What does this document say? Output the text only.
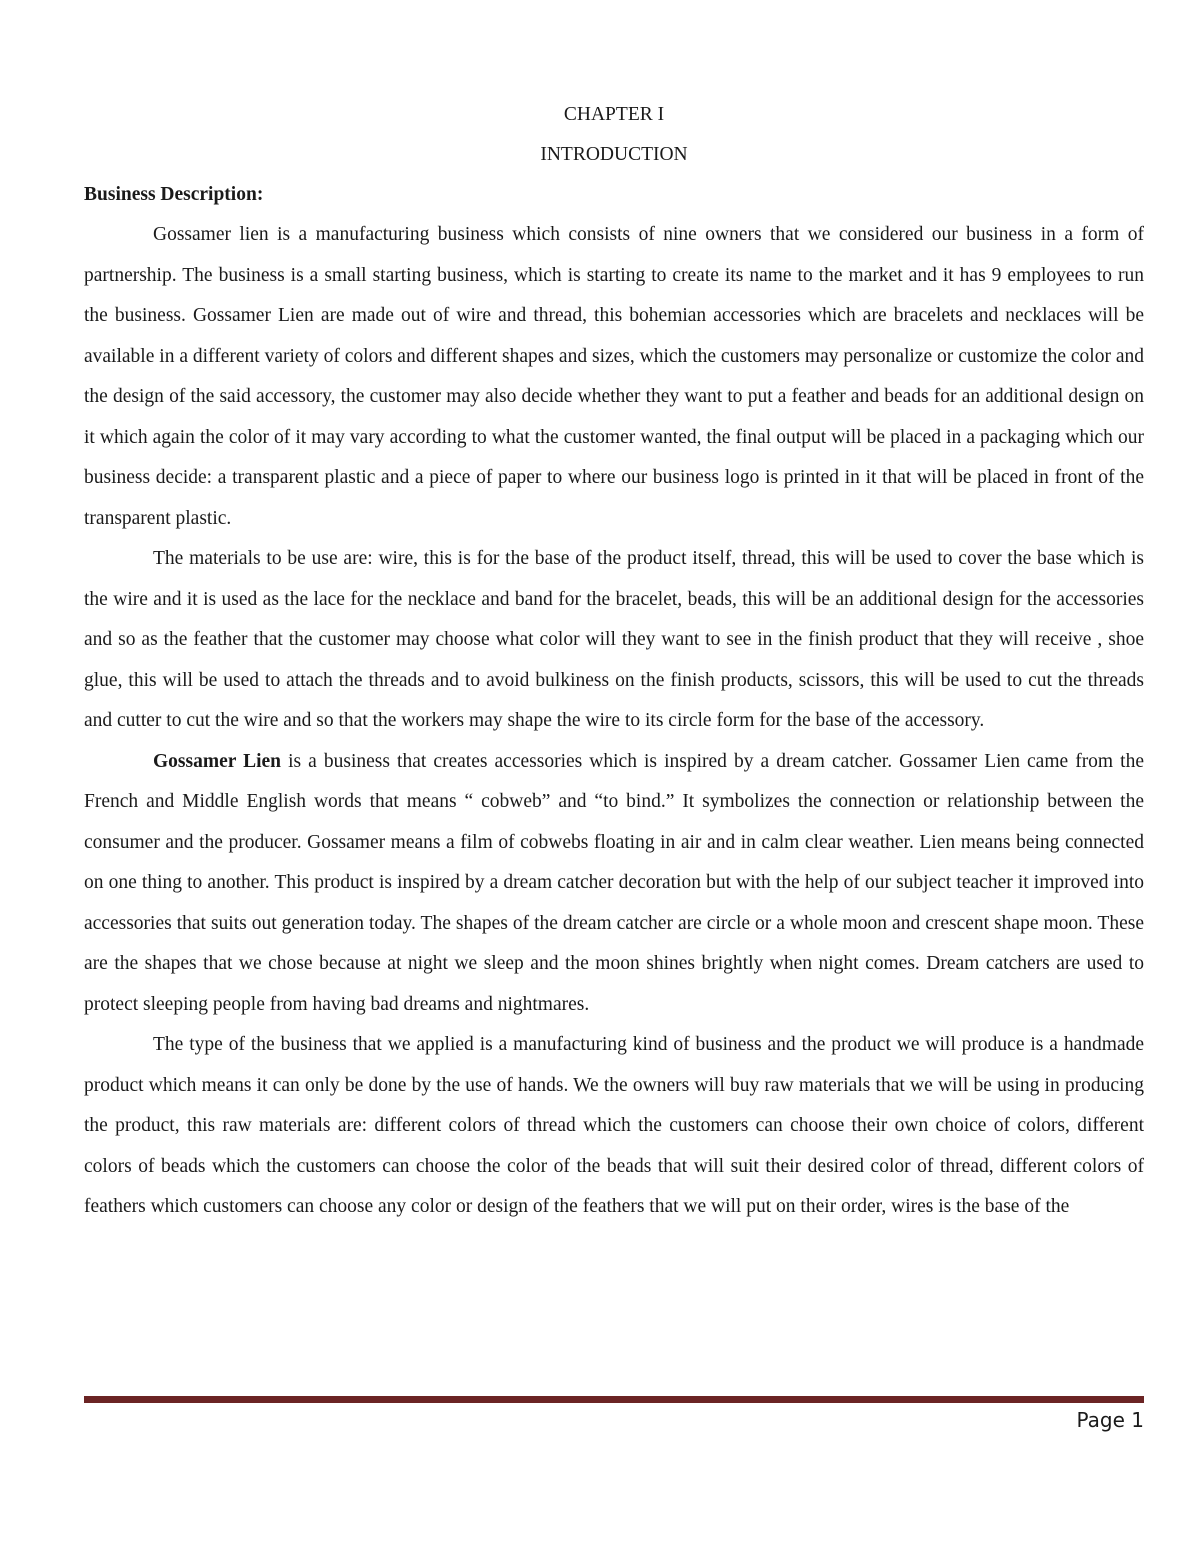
CHAPTER I
INTRODUCTION

Business Description:

Gossamer lien is a manufacturing business which consists of nine owners that we considered our business in a form of partnership. The business is a small starting business, which is starting to create its name to the market and it has 9 employees to run the business. Gossamer Lien are made out of wire and thread, this bohemian accessories which are bracelets and necklaces will be available in a different variety of colors and different shapes and sizes, which the customers may personalize or customize the color and the design of the said accessory, the customer may also decide whether they want to put a feather and beads for an additional design on it which again the color of it may vary according to what the customer wanted, the final output will be placed in a packaging which our business decide: a transparent plastic and a piece of paper to where our business logo is printed in it that will be placed in front of the transparent plastic.

The materials to be use are: wire, this is for the base of the product itself, thread, this will be used to cover the base which is the wire and it is used as the lace for the necklace and band for the bracelet, beads, this will be an additional design for the accessories and so as the feather that the customer may choose what color will they want to see in the finish product that they will receive , shoe glue, this will be used to attach the threads and to avoid bulkiness on the finish products, scissors, this will be used to cut the threads and cutter to cut the wire and so that the workers may shape the wire to its circle form for the base of the accessory.

Gossamer Lien is a business that creates accessories which is inspired by a dream catcher. Gossamer Lien came from the French and Middle English words that means “ cobweb” and “to bind.” It symbolizes the connection or relationship between the consumer and the producer. Gossamer means a film of cobwebs floating in air and in calm clear weather. Lien means being connected on one thing to another. This product is inspired by a dream catcher decoration but with the help of our subject teacher it improved into accessories that suits out generation today. The shapes of the dream catcher are circle or a whole moon and crescent shape moon. These are the shapes that we chose because at night we sleep and the moon shines brightly when night comes. Dream catchers are used to protect sleeping people from having bad dreams and nightmares.

The type of the business that we applied is a manufacturing kind of business and the product we will produce is a handmade product which means it can only be done by the use of hands. We the owners will buy raw materials that we will be using in producing the product, this raw materials are: different colors of thread which the customers can choose their own choice of colors, different colors of beads which the customers can choose the color of the beads that will suit their desired color of thread, different colors of feathers which customers can choose any color or design of the feathers that we will put on their order, wires is the base of the

Page 1
